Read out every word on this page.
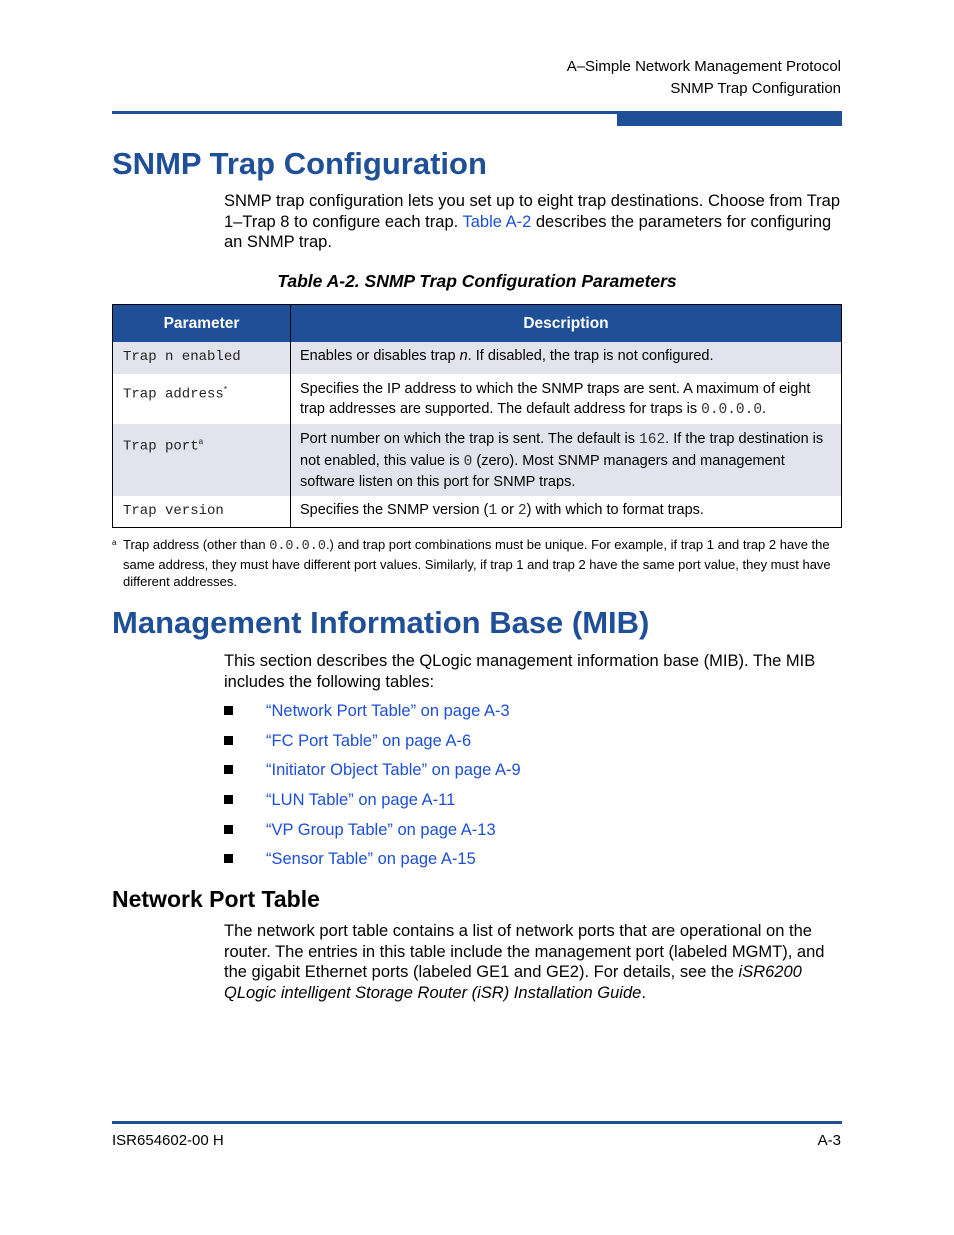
A–Simple Network Management Protocol
SNMP Trap Configuration
SNMP Trap Configuration
SNMP trap configuration lets you set up to eight trap destinations. Choose from Trap 1–Trap 8 to configure each trap. Table A-2 describes the parameters for configuring an SNMP trap.
Table A-2. SNMP Trap Configuration Parameters
Parameter	Description
Trap n enabled	Enables or disables trap n. If disabled, the trap is not configured.
Trap address*	Specifies the IP address to which the SNMP traps are sent. A maximum of eight trap addresses are supported. The default address for traps is 0.0.0.0.
Trap port$^a$	Port number on which the trap is sent. The default is 162. If the trap destination is not enabled, this value is 0 (zero). Most SNMP managers and management software listen on this port for SNMP traps.
Trap version	Specifies the SNMP version (1 or 2) with which to format traps.
a Trap address (other than 0.0.0.0.) and trap port combinations must be unique. For example, if trap 1 and trap 2 have the same address, they must have different port values. Similarly, if trap 1 and trap 2 have the same port value, they must have different addresses.
Management Information Base (MIB)
This section describes the QLogic management information base (MIB). The MIB includes the following tables:
“Network Port Table” on page A-3
“FC Port Table” on page A-6
“Initiator Object Table” on page A-9
“LUN Table” on page A-11
“VP Group Table” on page A-13
“Sensor Table” on page A-15
Network Port Table
The network port table contains a list of network ports that are operational on the router. The entries in this table include the management port (labeled MGMT), and the gigabit Ethernet ports (labeled GE1 and GE2). For details, see the iSR6200 QLogic intelligent Storage Router (iSR) Installation Guide.
ISR654602-00 H	A-3
